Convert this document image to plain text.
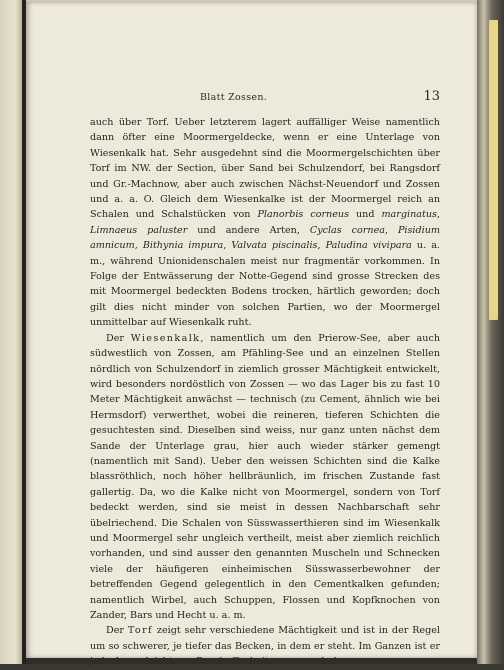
Blatt Zossen.	13

auch über Torf. Ueber letzterem lagert auffälliger Weise namentlich dann öfter eine Moormergeldecke, wenn er eine Unterlage von Wiesenkalk hat. Sehr ausgedehnt sind die Moormergelschichten über Torf im NW. der Section, über Sand bei Schulzendorf, bei Rangsdorf und Gr.-Machnow, aber auch zwischen Nächst-Neuendorf und Zossen und a. a. O. Gleich dem Wiesenkalke ist der Moormergel reich an Schalen und Schalstücken von Planorbis corneus und marginatus, Limnaeus paluster und andere Arten, Cyclas cornea, Pisidium amnicum, Bithynia impura, Valvata piscinalis, Paludina vivipara u. a. m., während Unionidenschalen meist nur fragmentär vorkommen. In Folge der Entwässerung der Notte-Gegend sind grosse Strecken des mit Moormergel bedeckten Bodens trocken, härtlich geworden; doch gilt dies nicht minder von solchen Partien, wo der Moormergel unmittelbar auf Wiesenkalk ruht.

Der Wiesenkalk, namentlich um den Prierow-See, aber auch südwestlich von Zossen, am Pfähling-See und an einzelnen Stellen nördlich von Schulzendorf in ziemlich grosser Mächtigkeit entwickelt, wird besonders nordöstlich von Zossen — wo das Lager bis zu fast 10 Meter Mächtigkeit anwächst — technisch (zu Cement, ähnlich wie bei Hermsdorf) verwerthet, wobei die reineren, tieferen Schichten die gesuchtesten sind. Dieselben sind weiss, nur ganz unten nächst dem Sande der Unterlage grau, hier auch wieder stärker gemengt (namentlich mit Sand). Ueber den weissen Schichten sind die Kalke blassröthlich, noch höher hellbräunlich, im frischen Zustande fast gallertig. Da, wo die Kalke nicht von Moormergel, sondern von Torf bedeckt werden, sind sie meist in dessen Nachbarschaft sehr übelriechend. Die Schalen von Süsswasserthieren sind im Wiesenkalk und Moormergel sehr ungleich vertheilt, meist aber ziemlich reichlich vorhanden, und sind ausser den genannten Muscheln und Schnecken viele der häufigeren einheimischen Süsswasserbewohner der betreffenden Gegend gelegentlich in den Cementkalken gefunden; namentlich Wirbel, auch Schuppen, Flossen und Kopfknochen von Zander, Bars und Hecht u. a. m.

Der Torf zeigt sehr verschiedene Mächtigkeit und ist in der Regel um so schwerer, je tiefer das Becken, in dem er steht. Im Ganzen ist er
